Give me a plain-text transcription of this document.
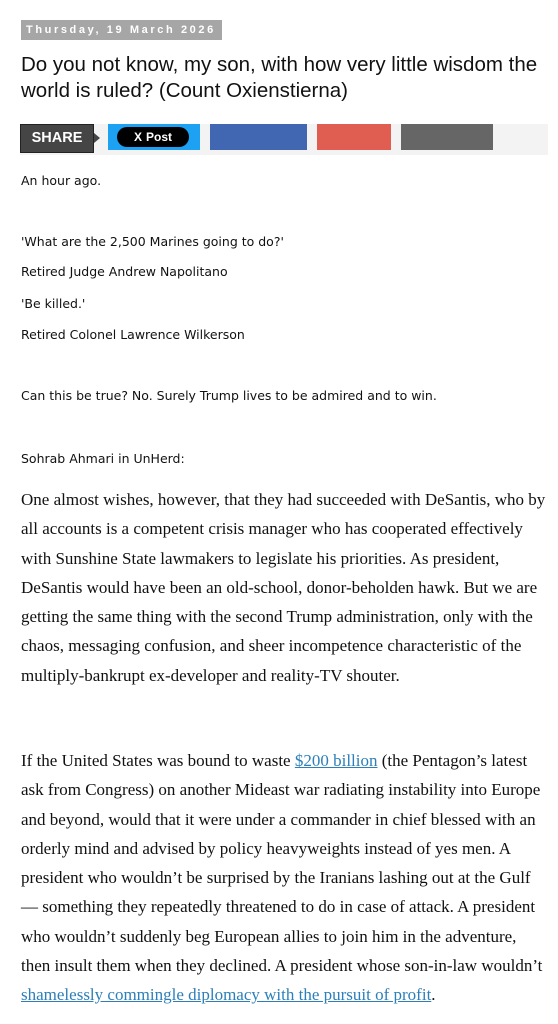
Thursday, 19 March 2026
Do you not know, my son, with how very little wisdom the world is ruled? (Count Oxienstierna)
SHARE	X Post

An hour ago.

'What are the 2,500 Marines going to do?'

Retired Judge Andrew Napolitano

'Be killed.'

Retired Colonel Lawrence Wilkerson

Can this be true? No. Surely Trump lives to be admired and to win.

Sohrab Ahmari in UnHerd:

One almost wishes, however, that they had succeeded with DeSantis, who by all accounts is a competent crisis manager who has cooperated effectively with Sunshine State lawmakers to legislate his priorities. As president, DeSantis would have been an old-school, donor-beholden hawk. But we are getting the same thing with the second Trump administration, only with the chaos, messaging confusion, and sheer incompetence characteristic of the multiply-bankrupt ex-developer and reality-TV shouter.

If the United States was bound to waste $200 billion (the Pentagon’s latest ask from Congress) on another Mideast war radiating instability into Europe and beyond, would that it were under a commander in chief blessed with an orderly mind and advised by policy heavyweights instead of yes men. A president who wouldn’t be surprised by the Iranians lashing out at the Gulf — something they repeatedly threatened to do in case of attack. A president who wouldn’t suddenly beg European allies to join him in the adventure, then insult them when they declined. A president whose son-in-law wouldn’t shamelessly commingle diplomacy with the pursuit of profit.
